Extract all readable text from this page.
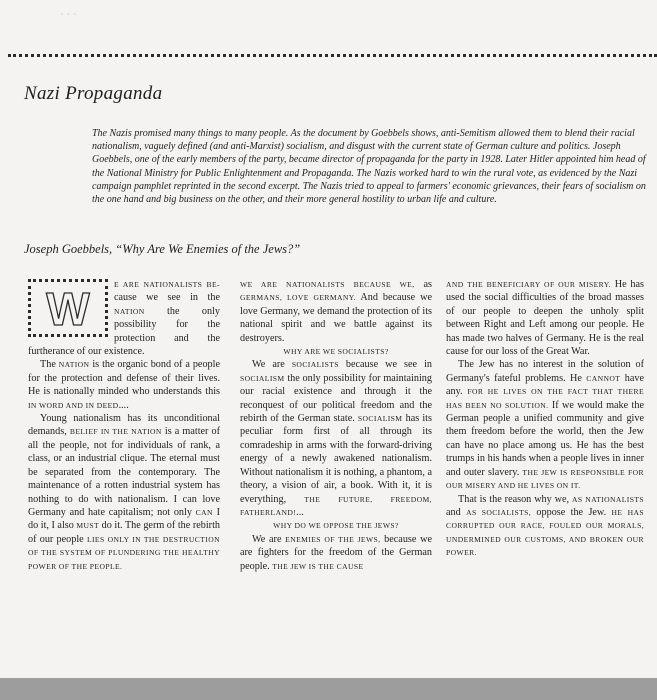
...
Nazi Propaganda

The Nazis promised many things to many people. As the document by Goebbels shows, anti-Semitism allowed them to blend their racial nationalism, vaguely defined (and anti-Marxist) socialism, and disgust with the current state of German culture and politics. Joseph Goebbels, one of the early members of the party, became director of propaganda for the party in 1928. Later Hitler appointed him head of the National Ministry for Public Enlightenment and Propaganda. The Nazis worked hard to win the rural vote, as evidenced by the Nazi campaign pamphlet reprinted in the second excerpt. The Nazis tried to appeal to farmers' economic grievances, their fears of socialism on the one hand and big business on the other, and their more general hostility to urban life and culture.

Joseph Goebbels, “Why Are We Enemies of the Jews?”

W	E ARE NATIONALISTS BE- cause we see in the NATION the only possibility for the protection and the furtherance of our existence.

The NATION is the organic bond of a people for the protection and defense of their lives. He is nationally minded who understands this IN WORD AND IN DEED....

Young nationalism has its unconditional demands, BELIEF IN THE NATION is a matter of all the people, not for individuals of rank, a class, or an industrial clique. The eternal must be separated from the contemporary. The maintenance of a rotten industrial system has nothing to do with nationalism. I can love Germany and hate capitalism; not only CAN I do it, I also MUST do it. The germ of the rebirth of our people LIES ONLY IN THE DESTRUCTION OF THE SYSTEM OF PLUNDERING THE HEALTHY POWER OF THE PEOPLE.

WE ARE NATIONALISTS BECAUSE WE, as GERMANS, LOVE GERMANY. And because we love Germany, we demand the protection of its national spirit and we battle against its destroyers.

WHY ARE WE SOCIALISTS?

We are SOCIALISTS because we see in SOCIALISM the only possibility for maintaining our racial existence and through it the reconquest of our political freedom and the rebirth of the German state. SOCIALISM has its peculiar form first of all through its comradeship in arms with the forward-driving energy of a newly awakened nationalism. Without nationalism it is nothing, a phantom, a theory, a vision of air, a book. With it, it is everything, THE FUTURE, FREEDOM, FATHERLAND!...

WHY DO WE OPPOSE THE JEWS?

We are ENEMIES OF THE JEWS, because we are fighters for the freedom of the German people. THE JEW IS THE CAUSE

AND THE BENEFICIARY OF OUR MISERY. He has used the social difficulties of the broad masses of our people to deepen the unholy split between Right and Left among our people. He has made two halves of Germany. He is the real cause for our loss of the Great War.

The Jew has no interest in the solution of Germany's fateful problems. He CANNOT have any. FOR HE LIVES ON THE FACT THAT THERE HAS BEEN NO SOLUTION. If we would make the German people a unified community and give them freedom before the world, then the Jew can have no place among us. He has the best trumps in his hands when a people lives in inner and outer slavery. THE JEW IS RESPONSIBLE FOR OUR MISERY AND HE LIVES ON IT.

That is the reason why we, AS NATIONALISTS and AS SOCIALISTS, oppose the Jew. HE HAS CORRUPTED OUR RACE, FOULED OUR MORALS, UNDERMINED OUR CUSTOMS, AND BROKEN OUR POWER.
